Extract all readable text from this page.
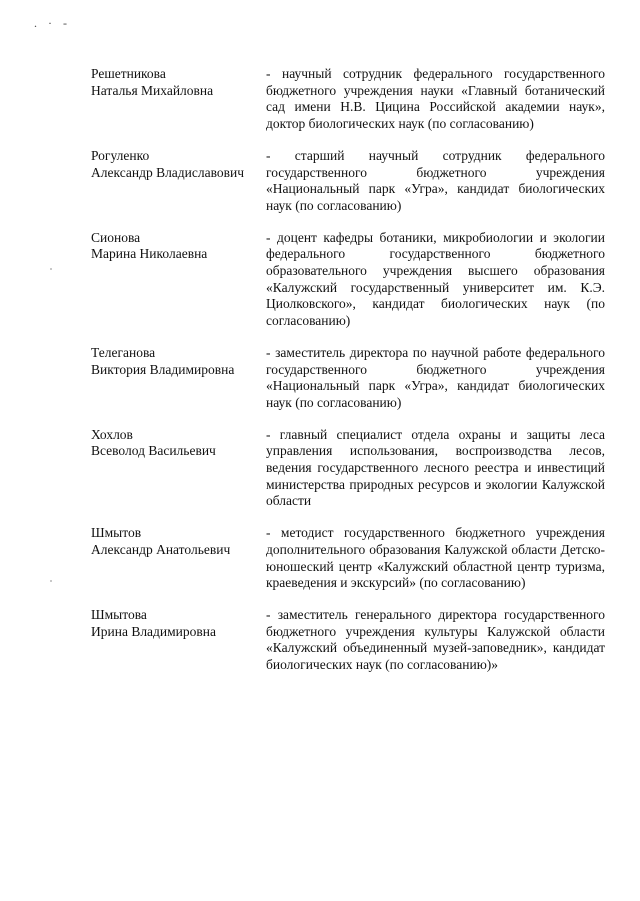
. · -
Решетникова
Наталья Михайловна
- научный сотрудник федерального государственного бюджетного учреждения науки «Главный ботанический сад имени Н.В. Цицина Российской академии наук», доктор биологических наук (по согласованию)
Рогуленко
Александр Владиславович
- старший научный сотрудник федерального государственного бюджетного учреждения «Национальный парк «Угра», кандидат биологических наук (по согласованию)
Сионова
Марина Николаевна
- доцент кафедры ботаники, микробиологии и экологии федерального государственного бюджетного образовательного учреждения высшего образования «Калужский государственный университет им. К.Э. Циолковского», кандидат биологических наук (по согласованию)
Телеганова
Виктория Владимировна
- заместитель директора по научной работе федерального государственного бюджетного учреждения «Национальный парк «Угра», кандидат биологических наук (по согласованию)
Хохлов
Всеволод Васильевич
- главный специалист отдела охраны и защиты леса управления использования, воспроизводства лесов, ведения государственного лесного реестра и инвестиций министерства природных ресурсов и экологии Калужской области
Шмытов
Александр Анатольевич
- методист государственного бюджетного учреждения дополнительного образования Калужской области Детско-юношеский центр «Калужский областной центр туризма, краеведения и экскурсий» (по согласованию)
Шмытова
Ирина Владимировна
- заместитель генерального директора государственного бюджетного учреждения культуры Калужской области «Калужский объединенный музей-заповедник», кандидат биологических наук (по согласованию)»
